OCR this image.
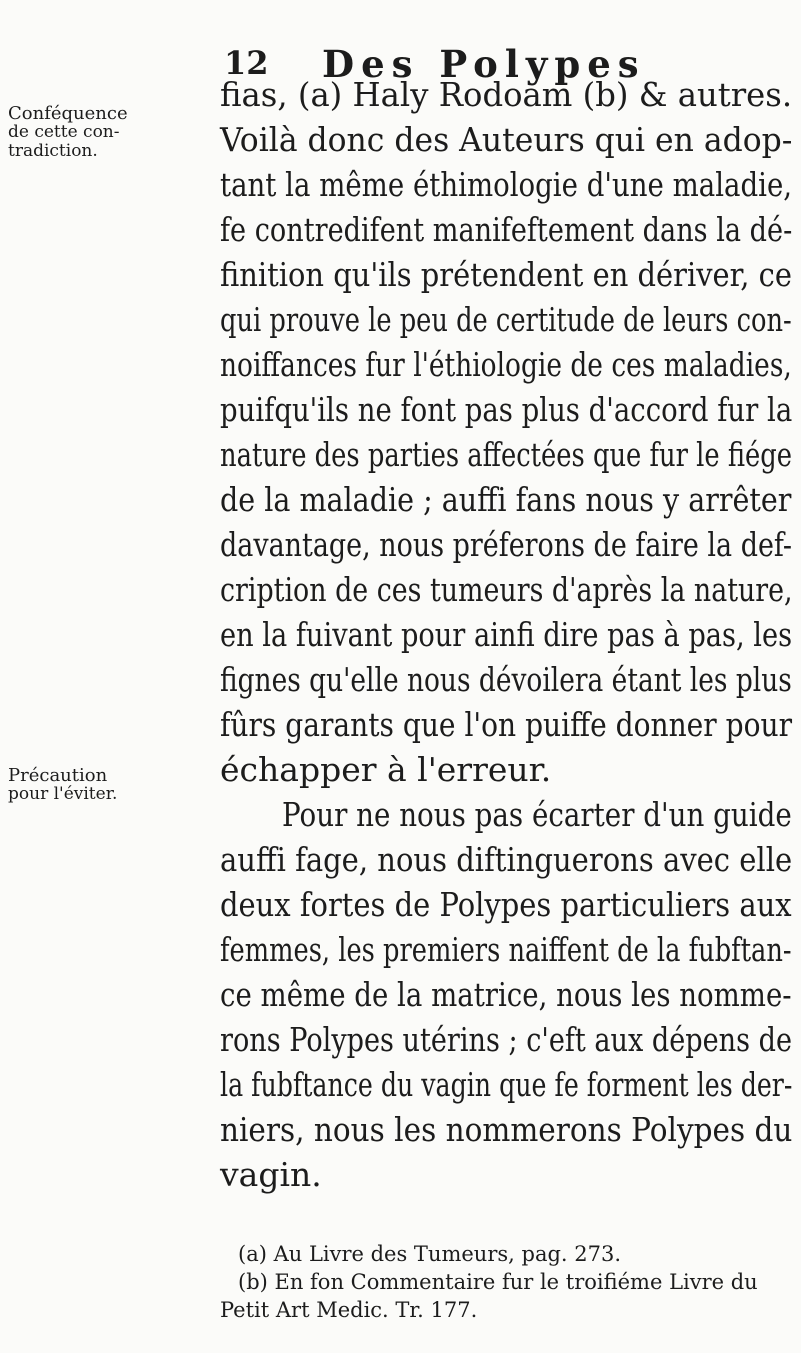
12 Des Polypes
Conféquence
de cette con-
tradiction.
Précaution
pour l'éviter.
fias, (a) Haly Rodoam (b) & autres.
Voilà donc des Auteurs qui en adop-
tant la même éthimologie d'une maladie,
fe contredifent manifeftement dans la dé-
finition qu'ils prétendent en dériver, ce
qui prouve le peu de certitude de leurs con-
noiffances fur l'éthiologie de ces maladies,
puifqu'ils ne font pas plus d'accord fur la
nature des parties affectées que fur le fiége
de la maladie ; auffi fans nous y arrêter
davantage, nous préferons de faire la def-
cription de ces tumeurs d'après la nature,
en la fuivant pour ainfi dire pas à pas, les
fignes qu'elle nous dévoilera étant les plus
fûrs garants que l'on puiffe donner pour
échapper à l'erreur.
Pour ne nous pas écarter d'un guide
auffi fage, nous diftinguerons avec elle
deux fortes de Polypes particuliers aux
femmes, les premiers naiffent de la fubftan-
ce même de la matrice, nous les nomme-
rons Polypes utérins ; c'eft aux dépens de
la fubftance du vagin que fe forment les der-
niers, nous les nommerons Polypes du
vagin.
(a) Au Livre des Tumeurs, pag. 273.
(b) En fon Commentaire fur le troifiéme Livre du
Petit Art Medic. Tr. 177.
